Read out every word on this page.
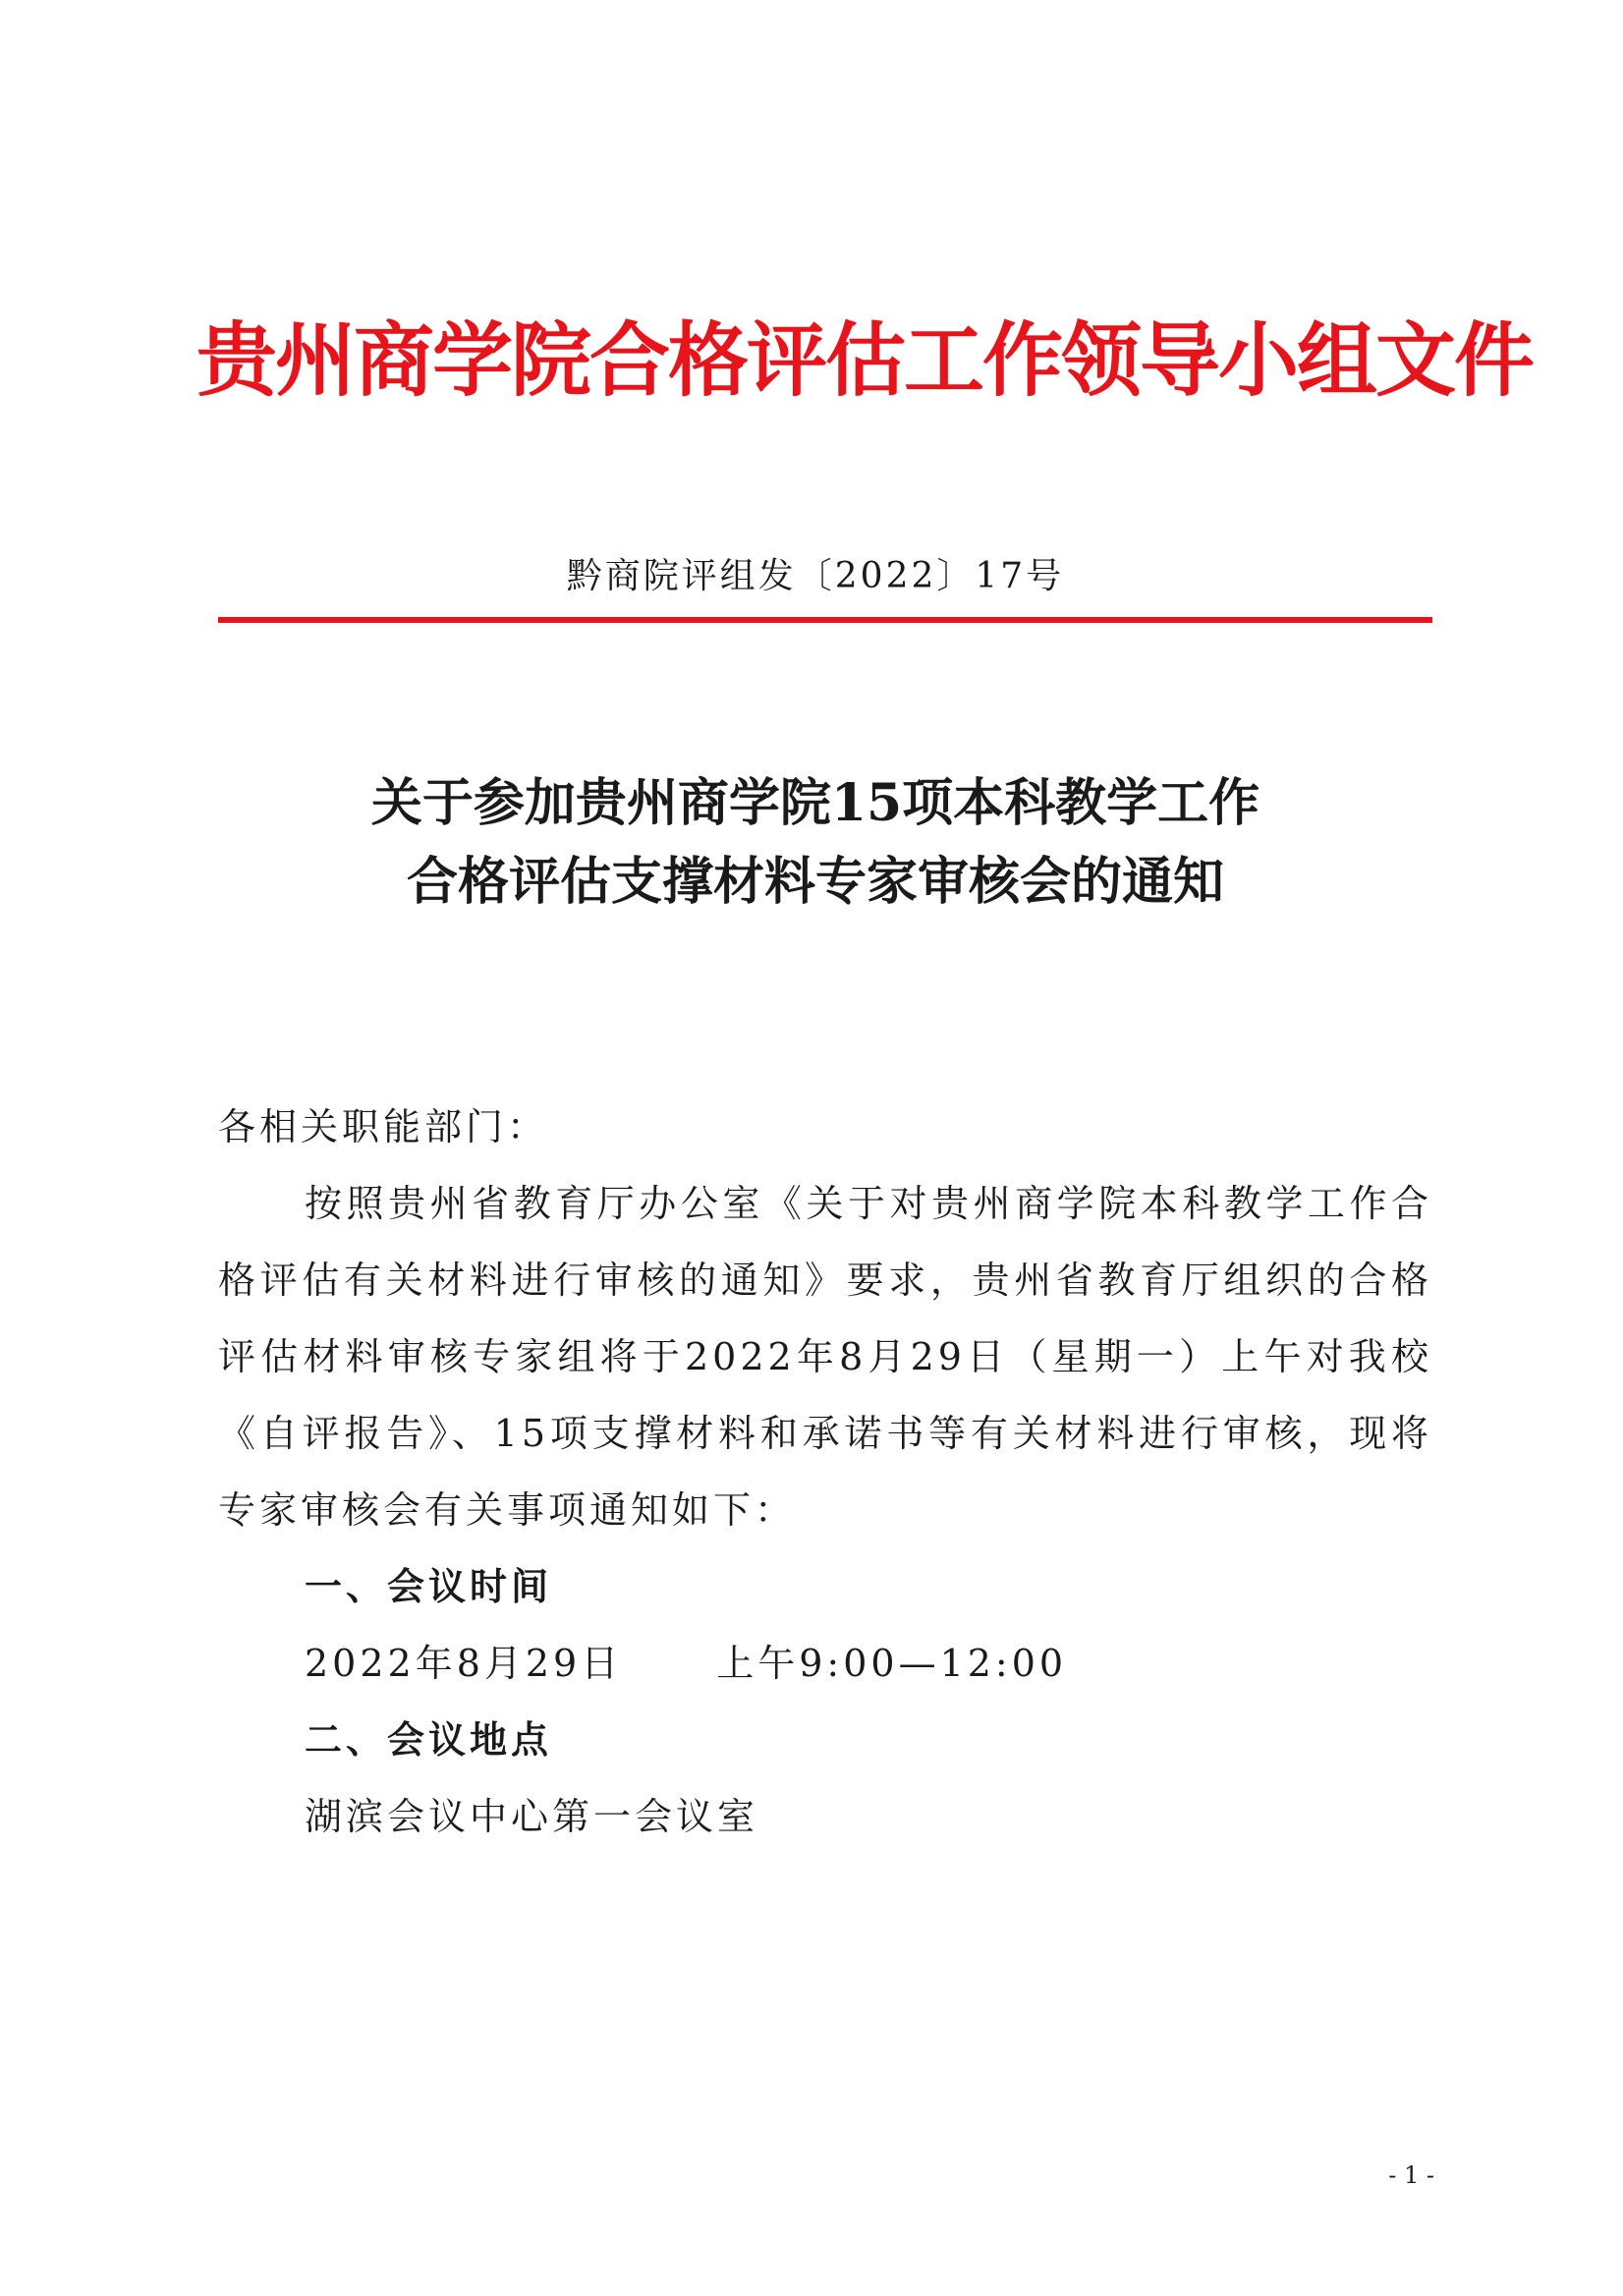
贵州商学院合格评估工作领导小组文件
黔商院评组发〔2022〕17号
关于参加贵州商学院15项本科教学工作
合格评估支撑材料专家审核会的通知
各相关职能部门：
按照贵州省教育厅办公室《关于对贵州商学院本科教学工作合格评估有关材料进行审核的通知》要求，贵州省教育厅组织的合格评估材料审核专家组将于2022年8月29日（星期一）上午对我校《自评报告》、15项支撑材料和承诺书等有关材料进行审核，现将专家审核会有关事项通知如下：
一、会议时间
2022年8月29日	上午9:00—12:00
二、会议地点
湖滨会议中心第一会议室
- 1 -
